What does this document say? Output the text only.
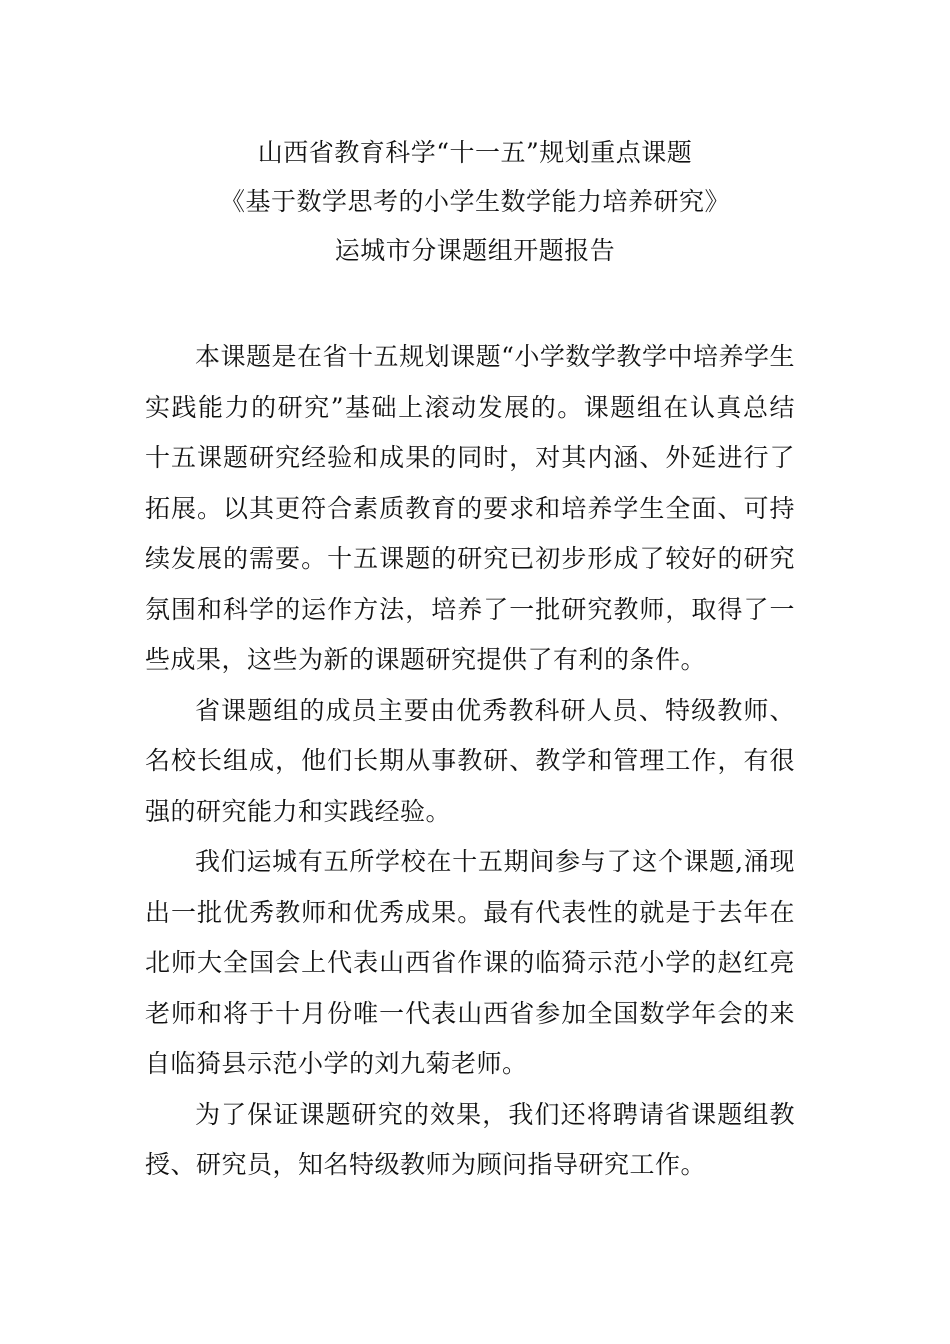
山西省教育科学“十一五”规划重点课题
《基于数学思考的小学生数学能力培养研究》
运城市分课题组开题报告

本课题是在省十五规划课题“小学数学教学中培养学生实践能力的研究”基础上滚动发展的。课题组在认真总结十五课题研究经验和成果的同时，对其内涵、外延进行了拓展。以其更符合素质教育的要求和培养学生全面、可持续发展的需要。十五课题的研究已初步形成了较好的研究氛围和科学的运作方法，培养了一批研究教师，取得了一些成果，这些为新的课题研究提供了有利的条件。

省课题组的成员主要由优秀教科研人员、特级教师、名校长组成，他们长期从事教研、教学和管理工作，有很强的研究能力和实践经验。

我们运城有五所学校在十五期间参与了这个课题,涌现出一批优秀教师和优秀成果。最有代表性的就是于去年在北师大全国会上代表山西省作课的临猗示范小学的赵红亮老师和将于十月份唯一代表山西省参加全国数学年会的来自临猗县示范小学的刘九菊老师。

为了保证课题研究的效果，我们还将聘请省课题组教授、研究员，知名特级教师为顾问指导研究工作。
